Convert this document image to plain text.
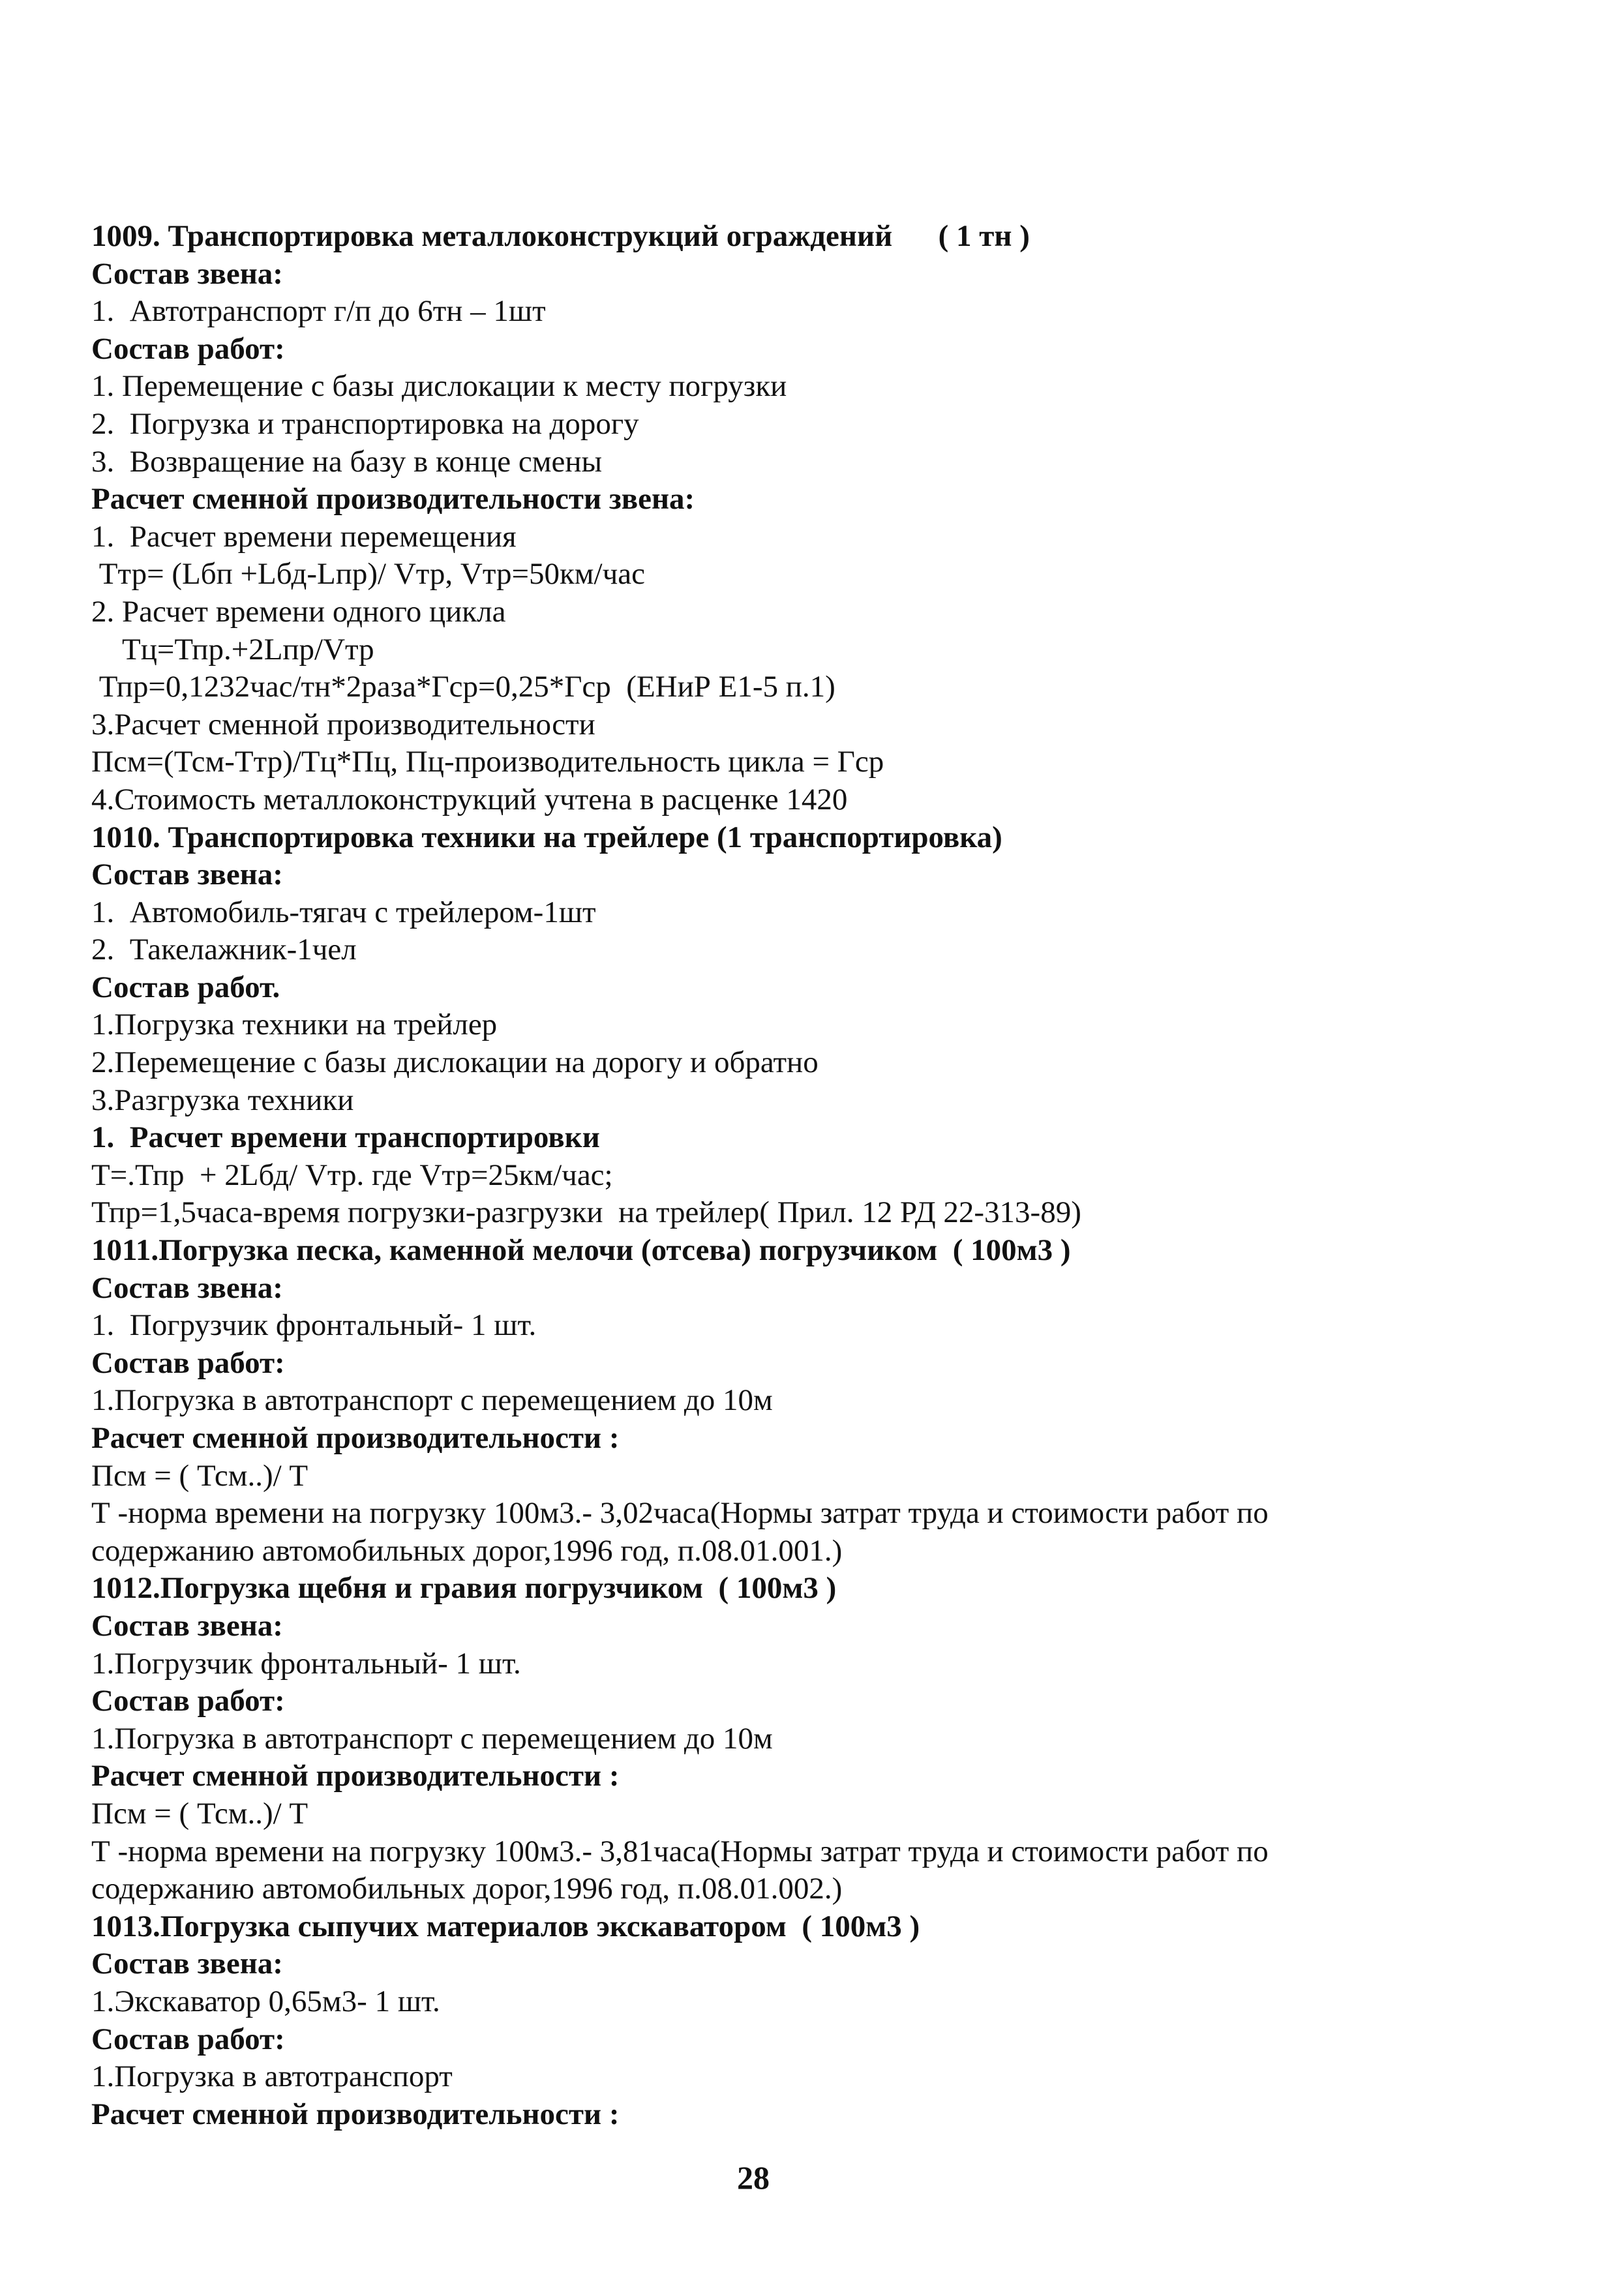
1009. Транспортировка металлоконструкций ограждений      ( 1 тн )
Состав звена:
1.  Автотранспорт г/п до 6тн – 1шт
Состав работ:
1. Перемещение с базы дислокации к месту погрузки
2.  Погрузка и транспортировка на дорогу
3.  Возвращение на базу в конце смены
Расчет сменной производительности звена:
1.  Расчет времени перемещения
Ттр= (Lбп +Lбд-Lпр)/ Vтр, Vтр=50км/час
2. Расчет времени одного цикла
Тц=Тпр.+2Lпр/Vтр
Тпр=0,1232час/тн*2раза*Гср=0,25*Гср  (ЕНиР Е1-5 п.1)
3.Расчет сменной производительности
Псм=(Тсм-Ттр)/Тц*Пц, Пц-производительность цикла = Гср
4.Стоимость металлоконструкций учтена в расценке 1420
1010. Транспортировка техники на трейлере (1 транспортировка)
Состав звена:
1.  Автомобиль-тягач с трейлером-1шт
2.  Такелажник-1чел
Состав работ.
1.Погрузка техники на трейлер
2.Перемещение с базы дислокации на дорогу и обратно
3.Разгрузка техники
1.  Расчет времени транспортировки
Т=.Тпр  + 2Lбд/ Vтр. где Vтр=25км/час;
Тпр=1,5часа-время погрузки-разгрузки  на трейлер( Прил. 12 РД 22-313-89)
1011.Погрузка песка, каменной мелочи (отсева) погрузчиком  ( 100м3 )
Состав звена:
1.  Погрузчик фронтальный- 1 шт.
Состав работ:
1.Погрузка в автотранспорт с перемещением до 10м
Расчет сменной производительности :
Псм = ( Тсм..)/ Т
Т -норма времени на погрузку 100м3.- 3,02часа(Нормы затрат труда и стоимости работ по
содержанию автомобильных дорог,1996 год, п.08.01.001.)
1012.Погрузка щебня и гравия погрузчиком  ( 100м3 )
Состав звена:
1.Погрузчик фронтальный- 1 шт.
Состав работ:
1.Погрузка в автотранспорт с перемещением до 10м
Расчет сменной производительности :
Псм = ( Тсм..)/ Т
Т -норма времени на погрузку 100м3.- 3,81часа(Нормы затрат труда и стоимости работ по
содержанию автомобильных дорог,1996 год, п.08.01.002.)
1013.Погрузка сыпучих материалов экскаватором  ( 100м3 )
Состав звена:
1.Экскаватор 0,65м3- 1 шт.
Состав работ:
1.Погрузка в автотранспорт
Расчет сменной производительности :
28
